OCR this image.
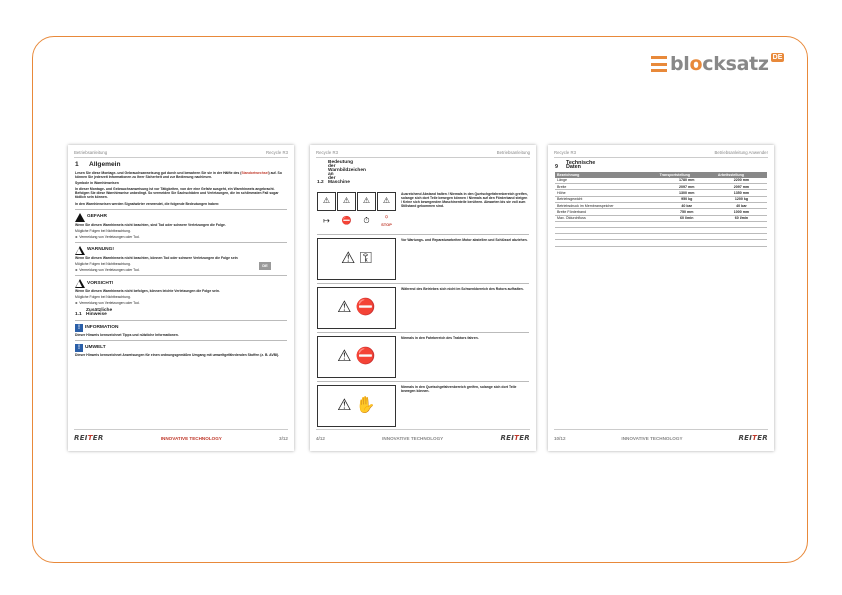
bl o cksatz DE
Betriebsanleitung	Recycle R3
1 Allgemein

Lesen Sie diese Montage- und Gebrauchsanweisung gut durch und bewahren Sie sie in der Hälfte des (Standortwechsel) auf. So können Sie jederzeit Informationen zu Ihrer Sicherheit und zur Bedienung nachlesen.

Symbole in Warnhinweisen

In dieser Montage- und Gebrauchsanweisung ist vor Tätigkeiten, von der eine Gefahr ausgeht, ein Warnhinweis angebracht. Befolgen Sie diese Warnhinweise unbedingt. So vermeiden Sie Sachschäden und Verletzungen, die im schlimmsten Fall sogar tödlich sein können.

In den Warnhinweisen werden Signalwörter verwendet, die folgende Bedeutungen haben:

GEFAHR

Wenn Sie diesen Warnhinweis nicht beachten, sind Tod oder schwere Verletzungen die Folge.

Mögliche Folgen bei Nichtbeachtung.

► Vermeidung von Verletzungen oder Tod.

WARNUNG!

Wenn Sie diesen Warnhinweis nicht beachten, können Tod oder schwere Verletzungen die Folge sein

Mögliche Folgen bei Nichtbeachtung.

► Vermeidung von Verletzungen oder Tod.

VORSICHT!

Wenn Sie diesen Warnhinweis nicht befolgen, können leichte Verletzungen die Folge sein.

Mögliche Folgen bei Nichtbeachtung.

► Vermeidung von Verletzungen oder Tod.

1.1Zusätzliche Hinweise
!	INFORMATION

Dieser Hinweis kennzeichnet Tipps und nützliche Informationen.

!	UMWELT

Dieser Hinweis kennzeichnet Anweisungen für einen ordnungsgemäßen Umgang mit umweltgefährdenden Stoffen (z. B. AVBI).

REITER	INNOVATIVE TECHNOLOGY	3/12
DE
Recycle R3	Betriebsanleitung
1.2Bedeutung der Warnbildzeichen an der Maschine
⚠	⚠	⚠	⚠
↦	⛔	⏱	⏣
STOP
Ausreichend Abstand halten / Niemals in den Quetschgefahrenbereich greifen, solange sich dort Teile bewegen können / Niemals auf den Förderband steigen / Keine sich bewegenden Maschinenteile berühren. Abwarten bis sie voll zum Stillstand gekommen sind.
⚠ ⚿
Vor Wartungs- und Reparaturarbeiten Motor abstellen und Schlüssel abziehen.
⚠ ⛔
Während des Betriebes sich nicht im Schwenkbereich des Rotors aufhalten.
⚠ ⛔
Niemals in den Fahrbereich des Traktors fahren.
⚠ ✋
Niemals in den Quetschgefahrenbereich greifen, solange sich dort Teile bewegen können.
4/12	INNOVATIVE TECHNOLOGY	REITER
Recycle R3	Betriebsanleitung Anwender
9Technische Daten
Bezeichnung	Transportstellung	Arbeitsstellung
Länge	1780 mm	2200 mm
Breite	2097 mm	2097 mm
Höhe	1300 mm	1350 mm
Betriebsgewicht	950 kg	1200 kg
Betriebsdruck im Membranspeicher	40 bar	40 bar
Breite Förderband	750 mm	1000 mm
Max. Öldurchfluss	60 l/min	60 l/min

10/12	INNOVATIVE TECHNOLOGY	REITER
